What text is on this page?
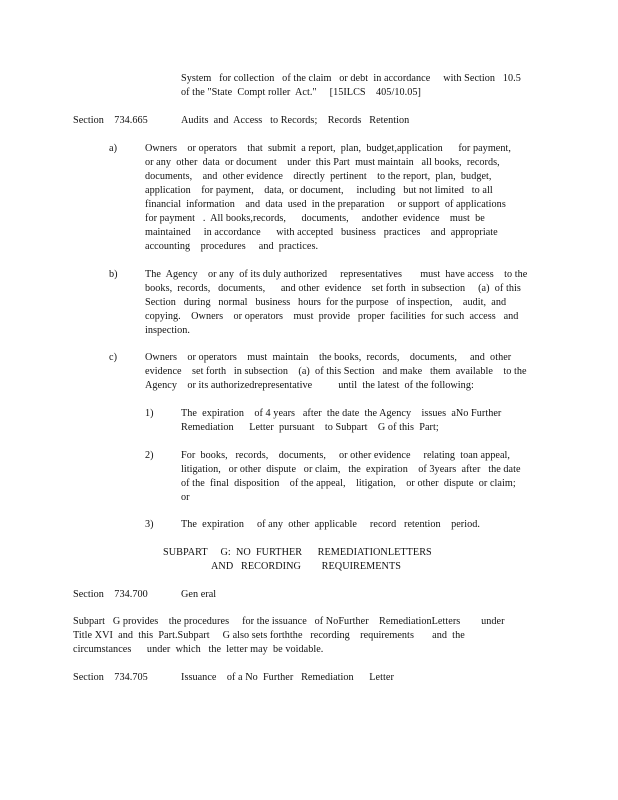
System   for collection   of the claim   or debt  in accordance     with Section   10.5
of the "State  Compt roller  Act."     [15ILCS    405/10.05]
Section    734.665	Audits  and  Access   to Records;    Records   Retention
a)	Owners    or operators    that  submit  a report,  plan,  budget,application      for payment,
or any  other  data  or document    under  this Part  must maintain   all books,  records,
documents,    and  other evidence    directly  pertinent    to the report,  plan,  budget,
application    for payment,    data,  or document,     including   but not limited   to all
financial  information    and  data  used  in the preparation     or support  of applications
for payment   .  All books,records,      documents,     andother  evidence    must  be
maintained     in accordance      with accepted   business   practices    and  appropriate
accounting    procedures     and  practices.
b)	The  Agency    or any  of its duly authorized     representatives       must  have access    to the
books,  records,   documents,      and other  evidence    set forth  in subsection     (a)  of this
Section   during   normal   business   hours  for the purpose   of inspection,    audit,  and
copying.    Owners    or operators    must  provide   proper  facilities  for such  access   and
inspection.
c)	Owners    or operators    must  maintain    the books,  records,    documents,     and  other
evidence    set forth   in subsection    (a)  of this Section   and make   them  available    to the
Agency    or its authorizedrepresentative          until  the latest  of the following:
1)	The  expiration    of 4 years   after  the date  the Agency    issues  aNo Further
Remediation      Letter  pursuant    to Subpart    G of this  Part;
2)	For  books,   records,    documents,     or other evidence     relating  toan appeal,
litigation,   or other  dispute   or claim,   the  expiration    of 3years  after   the date
of the  final  disposition    of the appeal,    litigation,    or other  dispute  or claim;
or
3)	The  expiration     of any  other  applicable     record   retention    period.
SUBPART     G:  NO  FURTHER      REMEDIATIONLETTERS
AND   RECORDING        REQUIREMENTS
Section    734.700	Gen eral
Subpart   G provides    the procedures     for the issuance   of NoFurther    RemediationLetters        under
Title XVI  and  this  Part.Subpart     G also sets forththe   recording    requirements       and  the
circumstances      under  which   the  letter may  be voidable.
Section    734.705	Issuance    of a No  Further   Remediation      Letter
